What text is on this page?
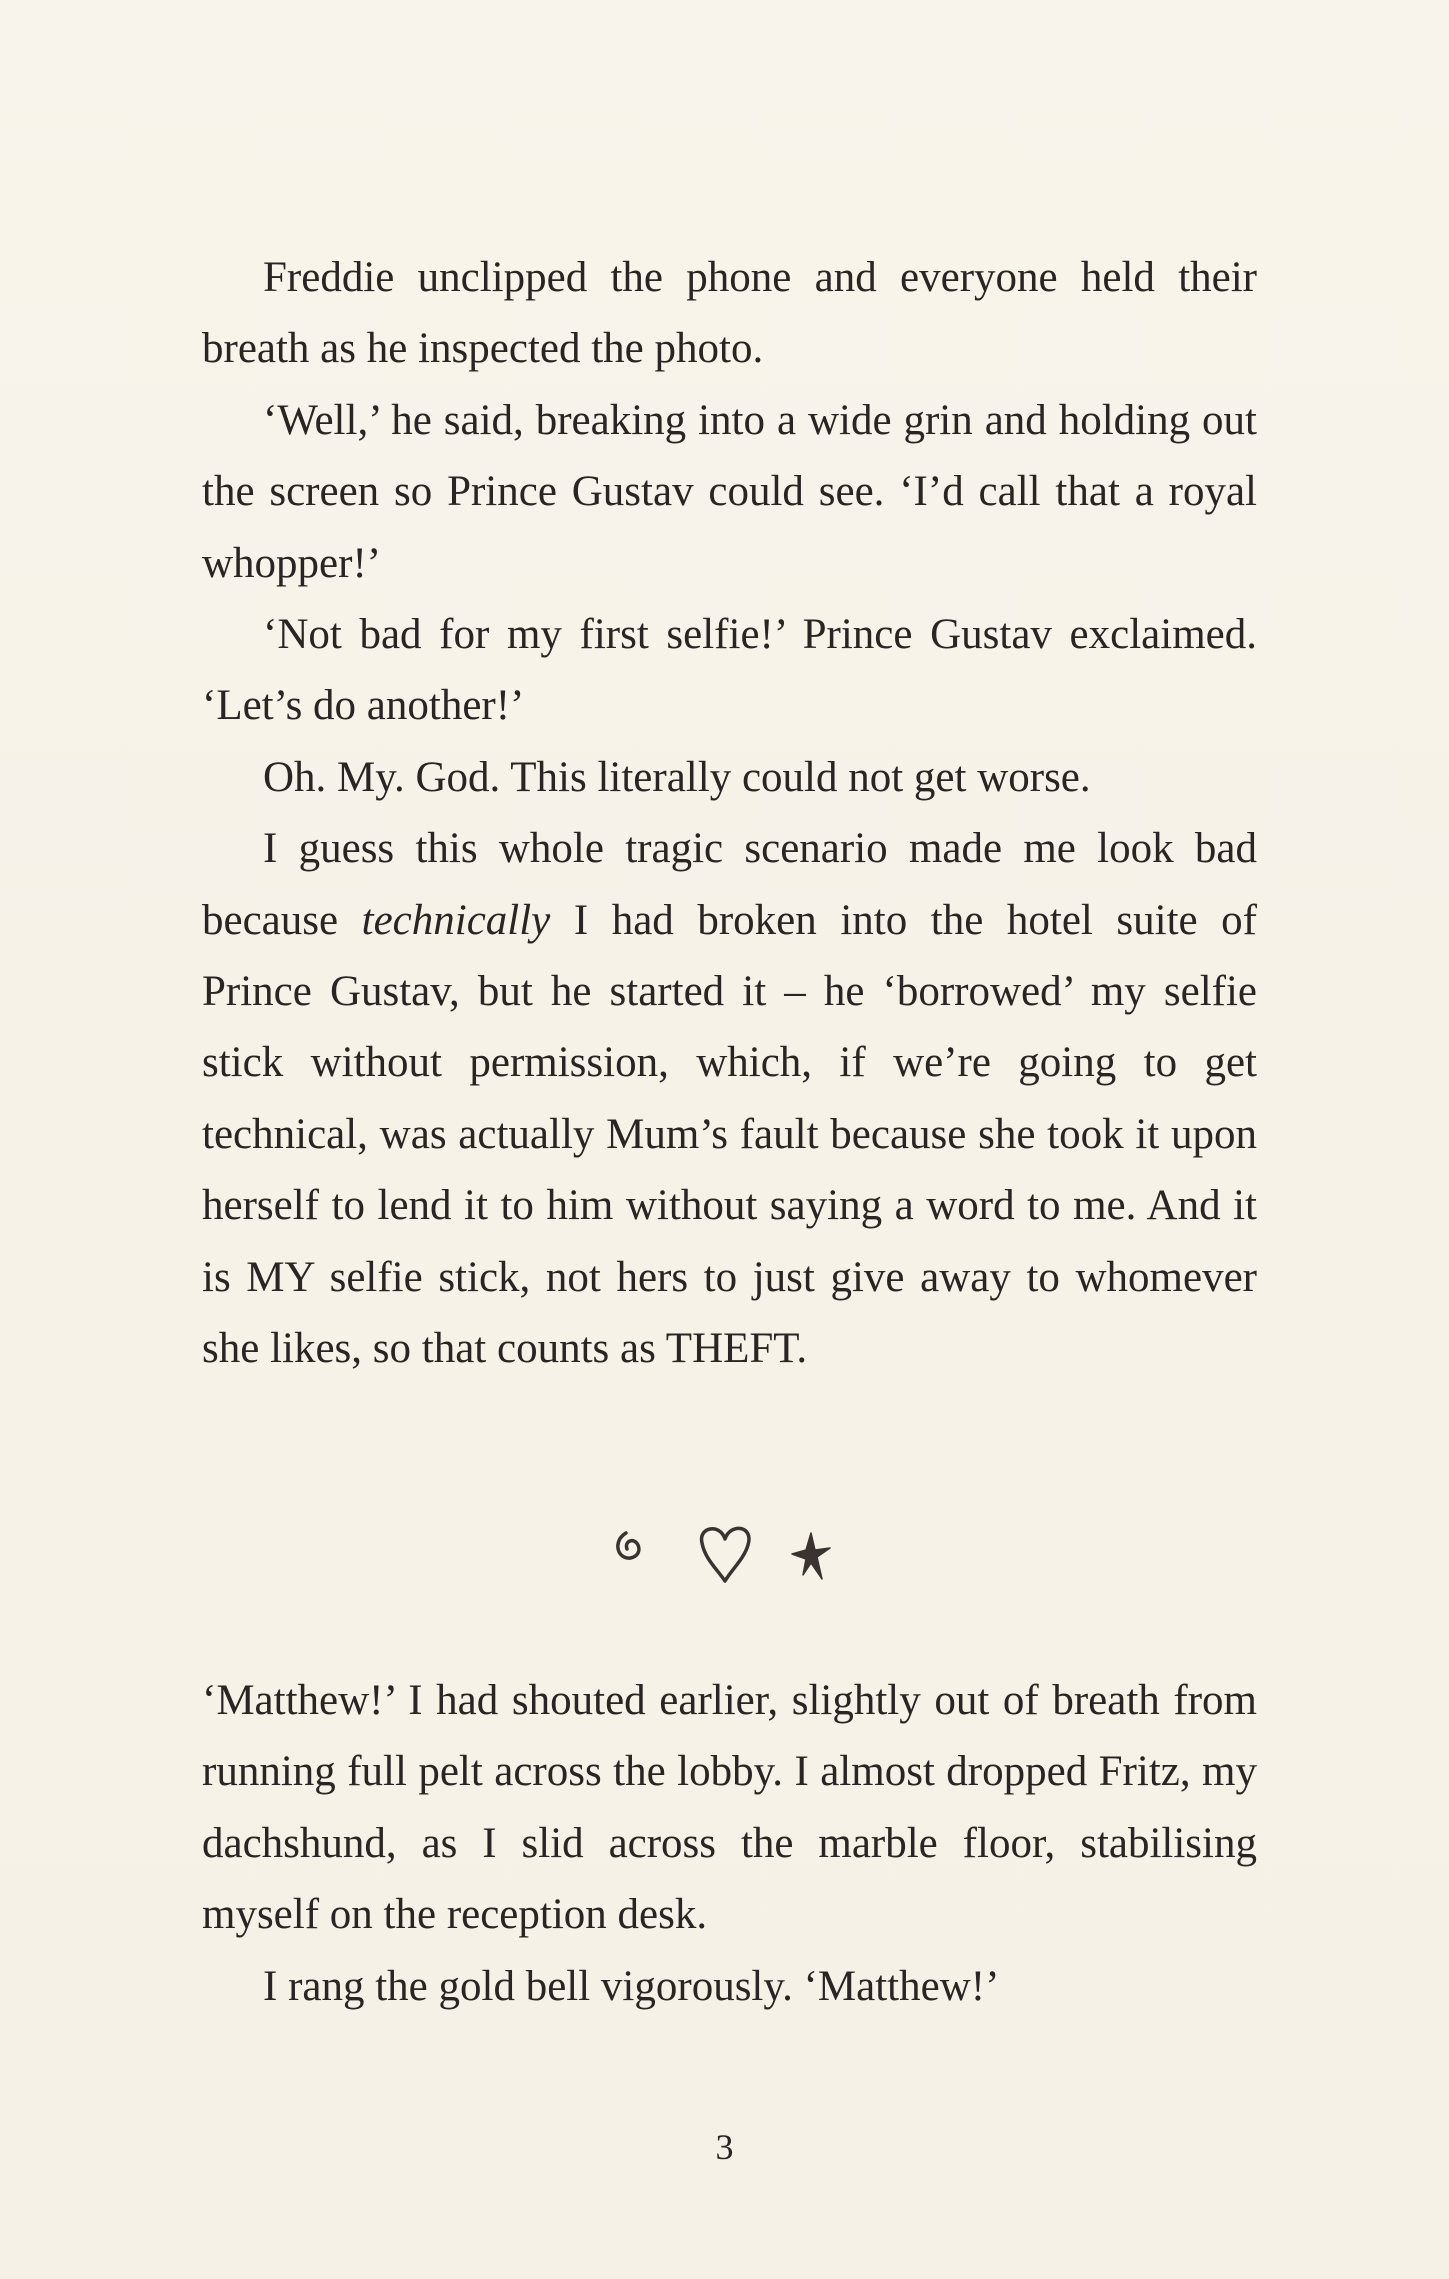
Freddie unclipped the phone and everyone held their breath as he inspected the photo.

‘Well,’ he said, breaking into a wide grin and holding out the screen so Prince Gustav could see. ‘I’d call that a royal whopper!’

‘Not bad for my first selfie!’ Prince Gustav exclaimed. ‘Let’s do another!’

Oh. My. God. This literally could not get worse.

I guess this whole tragic scenario made me look bad because technically I had broken into the hotel suite of Prince Gustav, but he started it – he ‘borrowed’ my selfie stick without permission, which, if we’re going to get technical, was actually Mum’s fault because she took it upon herself to lend it to him without saying a word to me. And it is MY selfie stick, not hers to just give away to whomever she likes, so that counts as THEFT.

‘Matthew!’ I had shouted earlier, slightly out of breath from running full pelt across the lobby. I almost dropped Fritz, my dachshund, as I slid across the marble floor, stabilising myself on the reception desk.

I rang the gold bell vigorously. ‘Matthew!’

3
